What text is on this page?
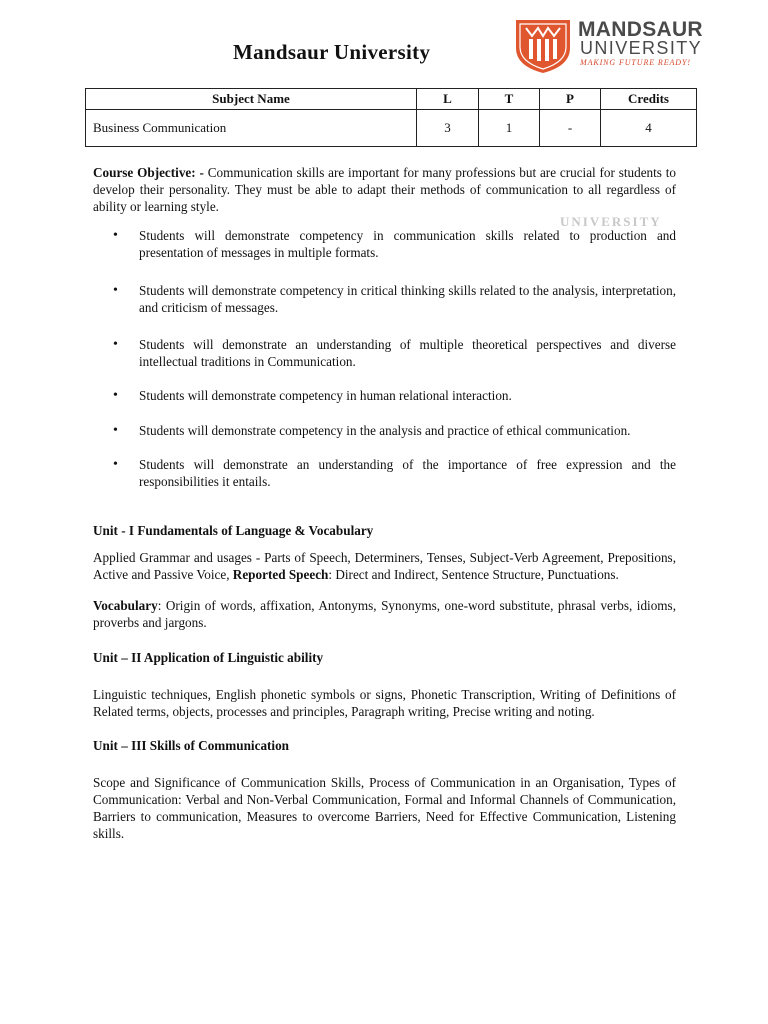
Mandsaur University
MANDSAUR
UNIVERSITY
MAKING FUTURE READY!
Subject Name	L	T	P	Credits
Business Communication	3	1	-	4
UNIVERSITY

Course Objective: - Communication skills are important for many professions but are crucial for students to develop their personality. They must be able to adapt their methods of communication to all regardless of ability or learning style.

• Students will demonstrate competency in communication skills related to production and presentation of messages in multiple formats.
• Students will demonstrate competency in critical thinking skills related to the analysis, interpretation, and criticism of messages.
• Students will demonstrate an understanding of multiple theoretical perspectives and diverse intellectual traditions in Communication.
• Students will demonstrate competency in human relational interaction.
• Students will demonstrate competency in the analysis and practice of ethical communication.
• Students will demonstrate an understanding of the importance of free expression and the responsibilities it entails.

Unit - I Fundamentals of Language & Vocabulary

Applied Grammar and usages - Parts of Speech, Determiners, Tenses, Subject-Verb Agreement, Prepositions, Active and Passive Voice, Reported Speech: Direct and Indirect, Sentence Structure, Punctuations.

Vocabulary: Origin of words, affixation, Antonyms, Synonyms, one-word substitute, phrasal verbs, idioms, proverbs and jargons.

Unit – II Application of Linguistic ability

Linguistic techniques, English phonetic symbols or signs, Phonetic Transcription, Writing of Definitions of Related terms, objects, processes and principles, Paragraph writing, Precise writing and noting.

Unit – III Skills of Communication

Scope and Significance of Communication Skills, Process of Communication in an Organisation, Types of Communication: Verbal and Non-Verbal Communication, Formal and Informal Channels of Communication, Barriers to communication, Measures to overcome Barriers, Need for Effective Communication, Listening skills.
